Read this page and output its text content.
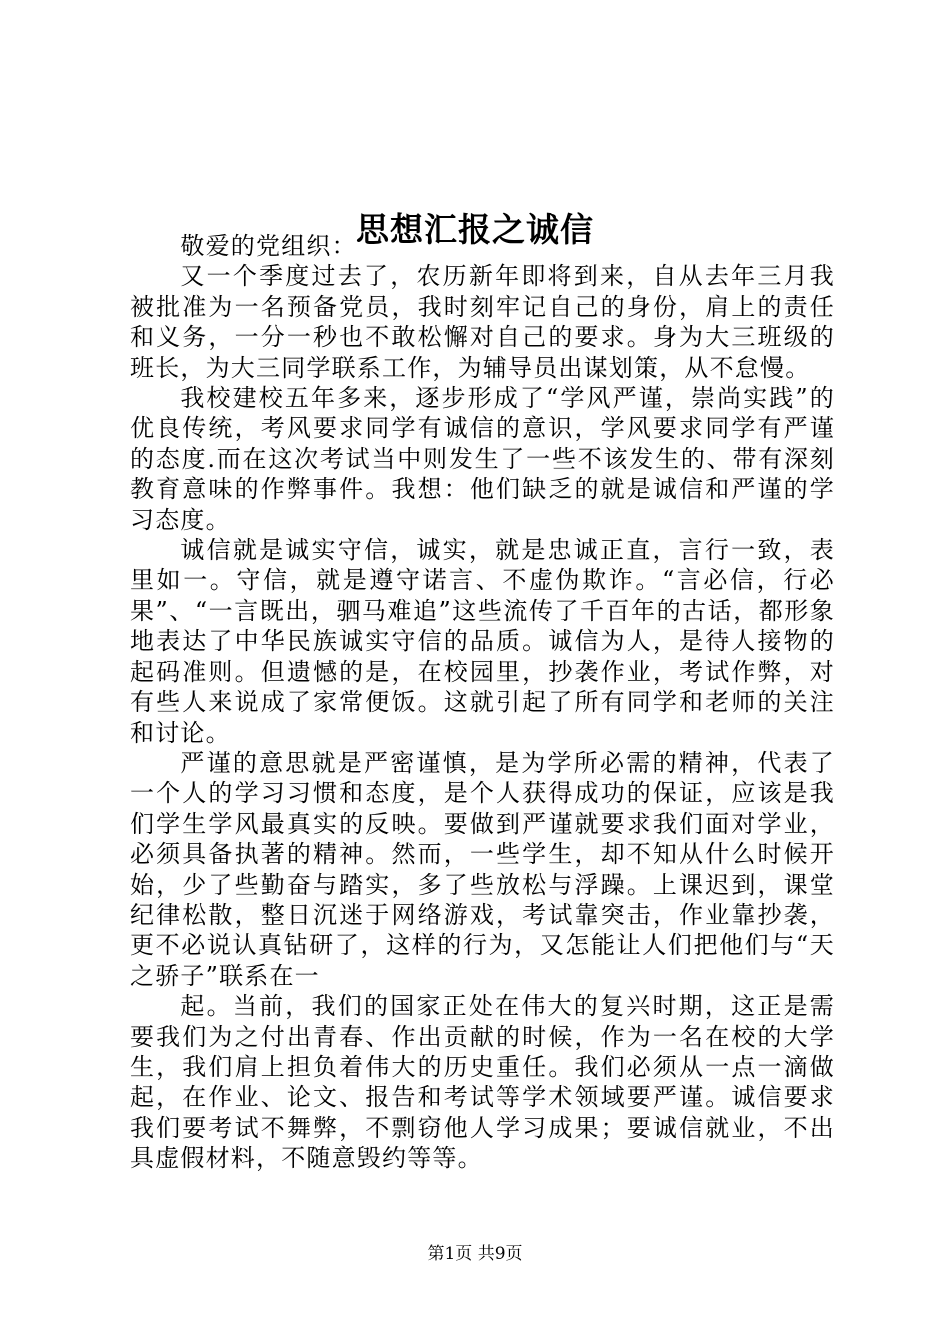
思想汇报之诚信

敬爱的党组织：

又一个季度过去了，农历新年即将到来，自从去年三月我被批准为一名预备党员，我时刻牢记自己的身份，肩上的责任和义务，一分一秒也不敢松懈对自己的要求。身为大三班级的班长，为大三同学联系工作，为辅导员出谋划策，从不怠慢。

我校建校五年多来，逐步形成了“学风严谨，崇尚实践”的优良传统，考风要求同学有诚信的意识，学风要求同学有严谨的态度.而在这次考试当中则发生了一些不该发生的、带有深刻教育意味的作弊事件。我想：他们缺乏的就是诚信和严谨的学习态度。

诚信就是诚实守信，诚实，就是忠诚正直，言行一致，表里如一。守信，就是遵守诺言、不虚伪欺诈。“言必信，行必果”、“一言既出，驷马难追”这些流传了千百年的古话，都形象地表达了中华民族诚实守信的品质。诚信为人，是待人接物的起码准则。但遗憾的是，在校园里，抄袭作业，考试作弊，对有些人来说成了家常便饭。这就引起了所有同学和老师的关注和讨论。

严谨的意思就是严密谨慎，是为学所必需的精神，代表了一个人的学习习惯和态度，是个人获得成功的保证，应该是我们学生学风最真实的反映。要做到严谨就要求我们面对学业，必须具备执著的精神。然而，一些学生，却不知从什么时候开始，少了些勤奋与踏实，多了些放松与浮躁。上课迟到，课堂纪律松散，整日沉迷于网络游戏，考试靠突击，作业靠抄袭，更不必说认真钻研了，这样的行为，又怎能让人们把他们与“天之骄子”联系在一

起。当前，我们的国家正处在伟大的复兴时期，这正是需要我们为之付出青春、作出贡献的时候，作为一名在校的大学生，我们肩上担负着伟大的历史重任。我们必须从一点一滴做起，在作业、论文、报告和考试等学术领域要严谨。诚信要求我们要考试不舞弊，不剽窃他人学习成果；要诚信就业，不出具虚假材料，不随意毁约等等。

第1页 共9页
